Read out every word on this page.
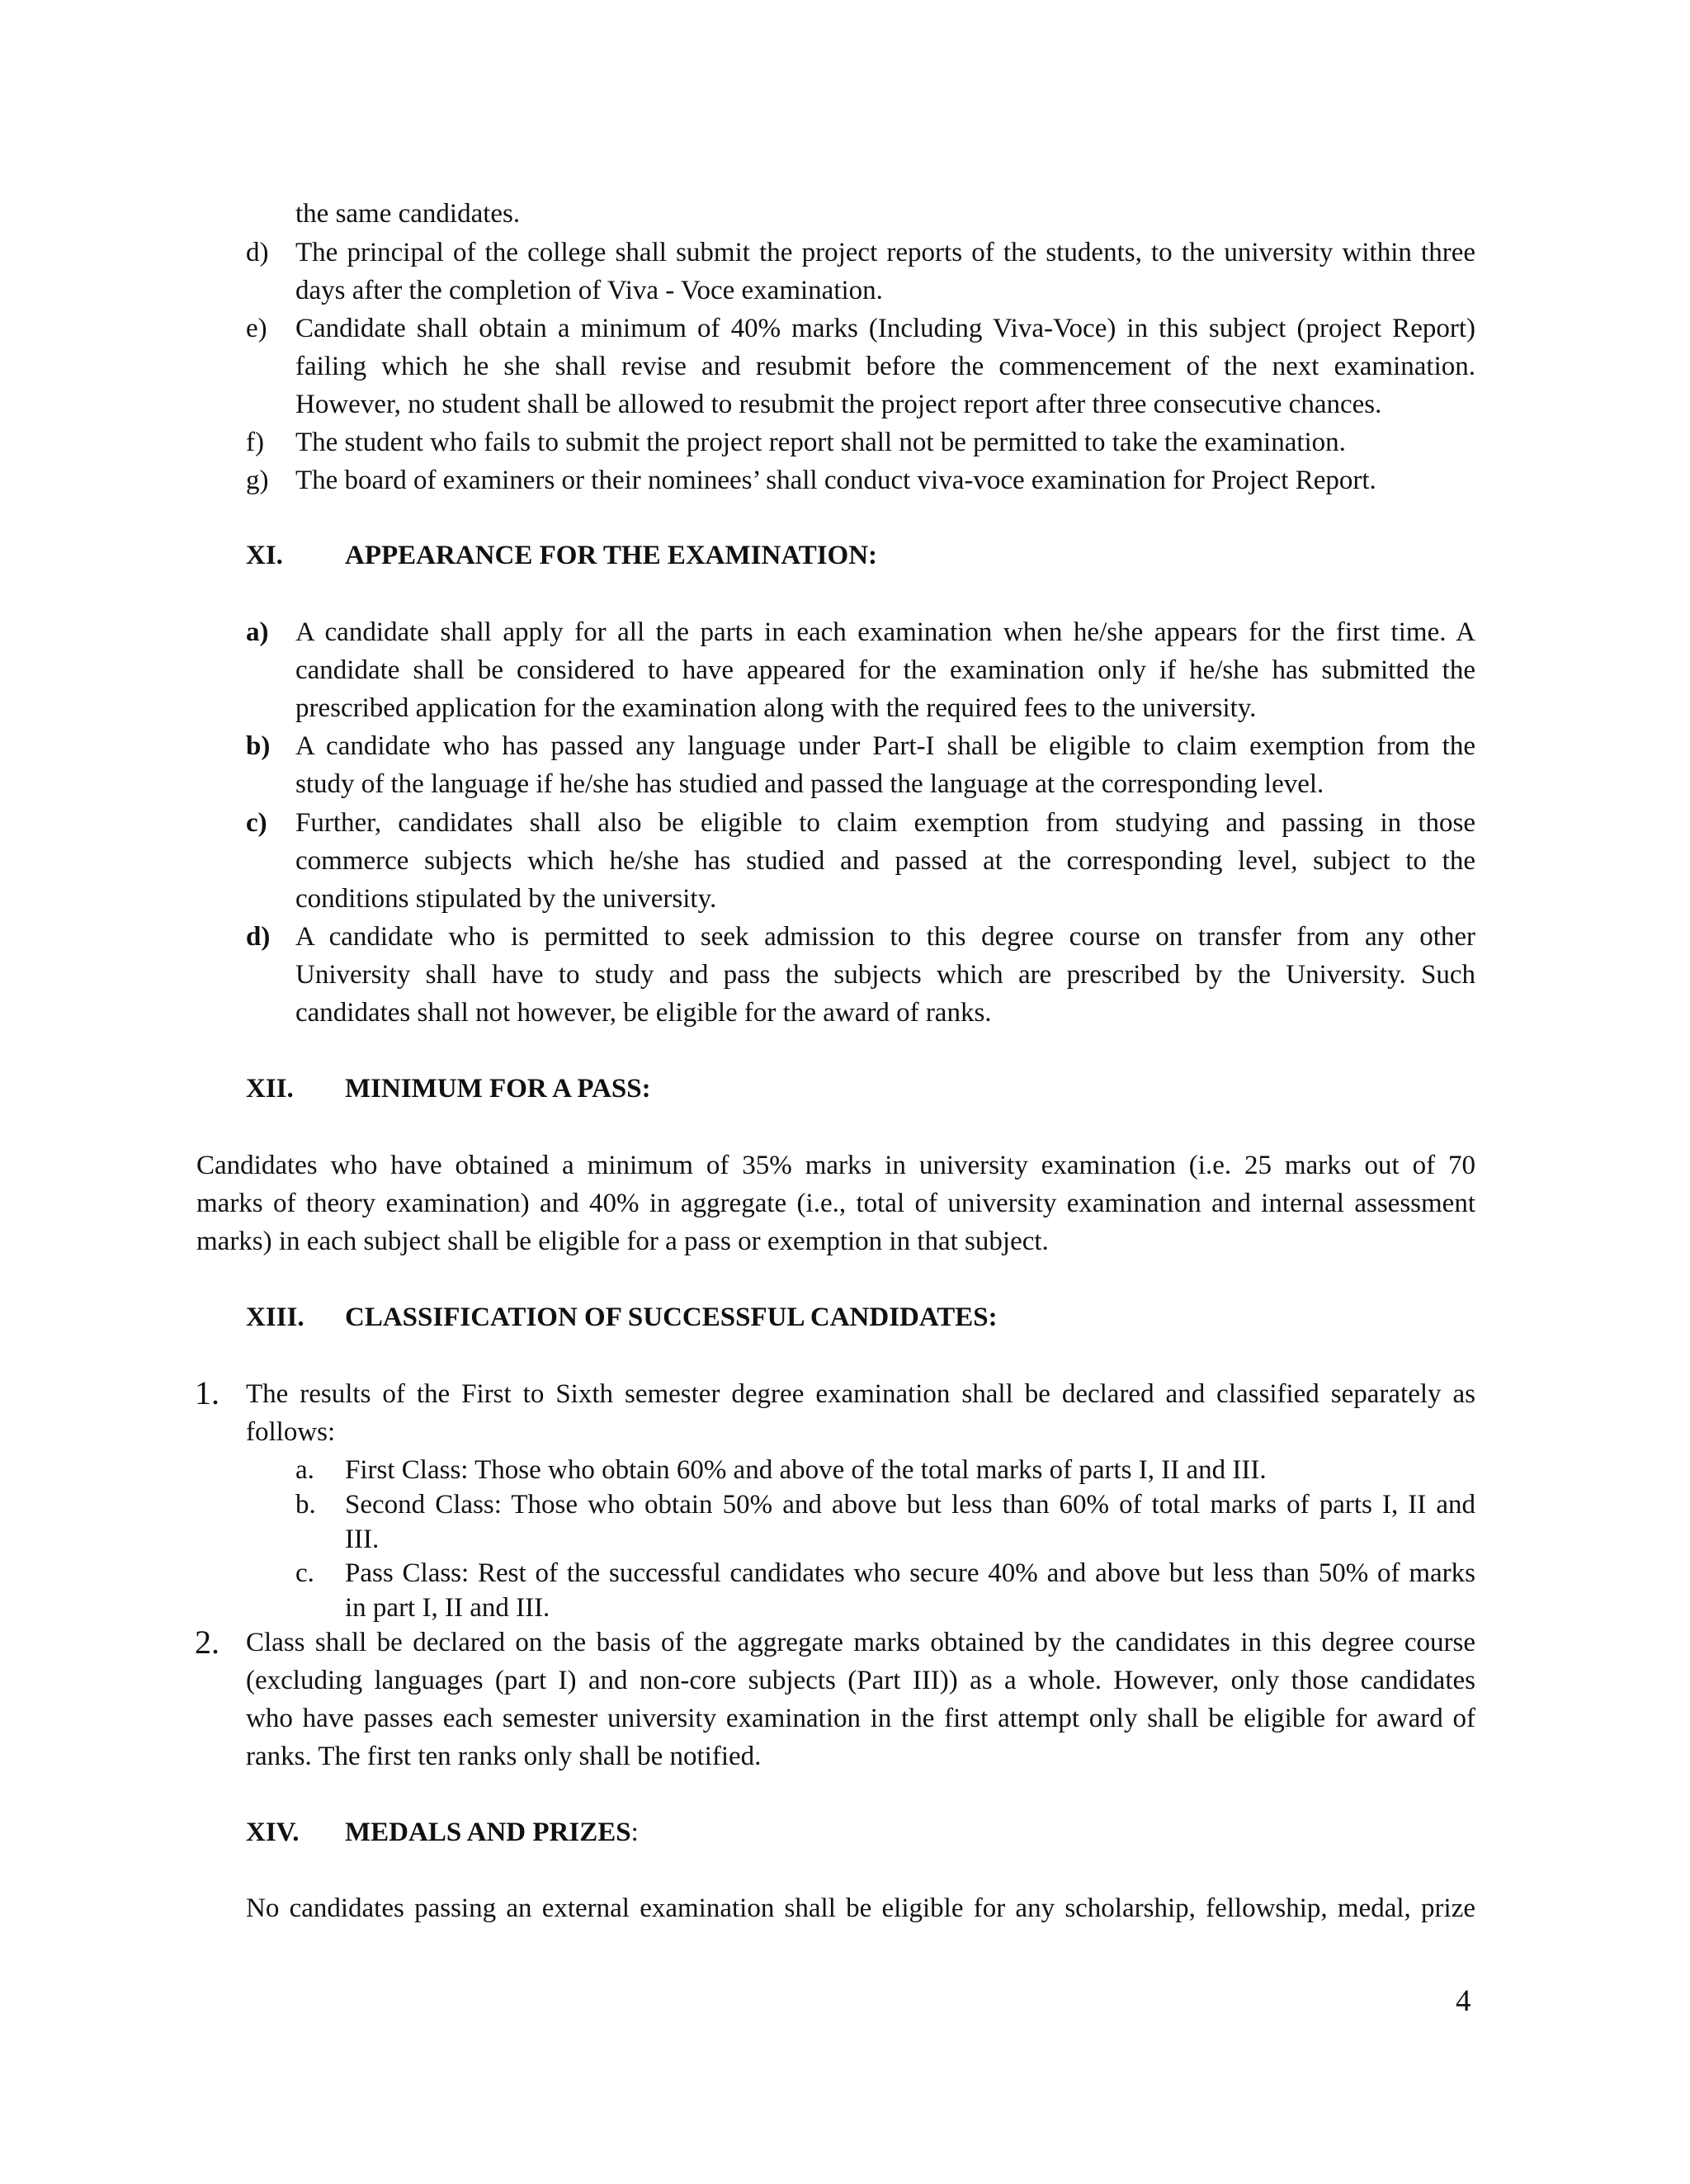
the same candidates.
d) The principal of the college shall submit the project reports of the students, to the university within three
days after the completion of Viva - Voce examination.
e) Candidate shall obtain a minimum of 40% marks (Including Viva-Voce) in this subject (project Report)
failing which he she shall revise and resubmit before the commencement of the next examination.
However, no student shall be allowed to resubmit the project report after three consecutive chances.
f) The student who fails to submit the project report shall not be permitted to take the examination.
g) The board of examiners or their nominees’ shall conduct viva-voce examination for Project Report.
XI. APPEARANCE FOR THE EXAMINATION:
a) A candidate shall apply for all the parts in each examination when he/she appears for the first time. A
candidate shall be considered to have appeared for the examination only if he/she has submitted the
prescribed application for the examination along with the required fees to the university.
b) A candidate who has passed any language under Part-I shall be eligible to claim exemption from the
study of the language if he/she has studied and passed the language at the corresponding level.
c) Further, candidates shall also be eligible to claim exemption from studying and passing in those
commerce subjects which he/she has studied and passed at the corresponding level, subject to the
conditions stipulated by the university.
d) A candidate who is permitted to seek admission to this degree course on transfer from any other
University shall have to study and pass the subjects which are prescribed by the University. Such
candidates shall not however, be eligible for the award of ranks.
XII. MINIMUM FOR A PASS:
Candidates who have obtained a minimum of 35% marks in university examination (i.e. 25 marks out of 70
marks of theory examination) and 40% in aggregate (i.e., total of university examination and internal assessment
marks) in each subject shall be eligible for a pass or exemption in that subject.
XIII. CLASSIFICATION OF SUCCESSFUL CANDIDATES:
1. The results of the First to Sixth semester degree examination shall be declared and classified separately as
follows:
a. First Class: Those who obtain 60% and above of the total marks of parts I, II and III.
b. Second Class: Those who obtain 50% and above but less than 60% of total marks of parts I, II and
III.
c. Pass Class: Rest of the successful candidates who secure 40% and above but less than 50% of marks
in part I, II and III.
2. Class shall be declared on the basis of the aggregate marks obtained by the candidates in this degree course
(excluding languages (part I) and non-core subjects (Part III)) as a whole. However, only those candidates
who have passes each semester university examination in the first attempt only shall be eligible for award of
ranks. The first ten ranks only shall be notified.
XIV. MEDALS AND PRIZES:
No candidates passing an external examination shall be eligible for any scholarship, fellowship, medal, prize
4
